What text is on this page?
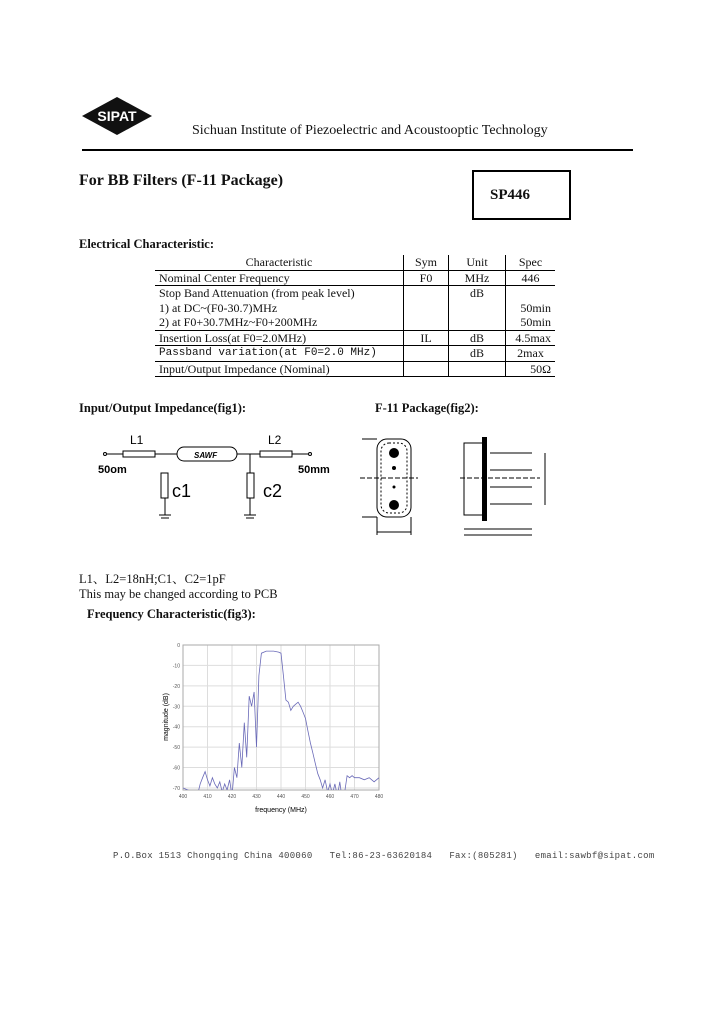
SIPAT
Sichuan Institute of Piezoelectric and Acoustooptic Technology
For BB Filters (F-11 Package)
SP446
Electrical Characteristic:
Characteristic	Sym	Unit	Spec
Nominal Center Frequency	F0	MHz	446
Stop Band Attenuation (from peak level)		dB	
1) at DC~(F0-30.7)MHz			50min
2) at F0+30.7MHz~F0+200MHz			50min
Insertion Loss(at F0=2.0MHz)	IL	dB	4.5max
Passband variation(at F0=2.0 MHz)		dB	2max
Input/Output Impedance (Nominal)			50Ω
Input/Output Impedance(fig1):	F-11 Package(fig2):
L1	L2
SAWF
50om	50mm
c1	c2
L1、L2=18nH;C1、C2=1pF
This may be changed according to PCB
Frequency Characteristic(fig3):
400	410	420	430	440	450	460	470	480
0
-10
-20
-30
-40
-50
-60
-70
frequency (MHz)
magnitude (dB)
P.O.Box 1513 Chongqing China 400060   Tel:86-23-63620184   Fax:(805281)   email:sawbf@sipat.com
